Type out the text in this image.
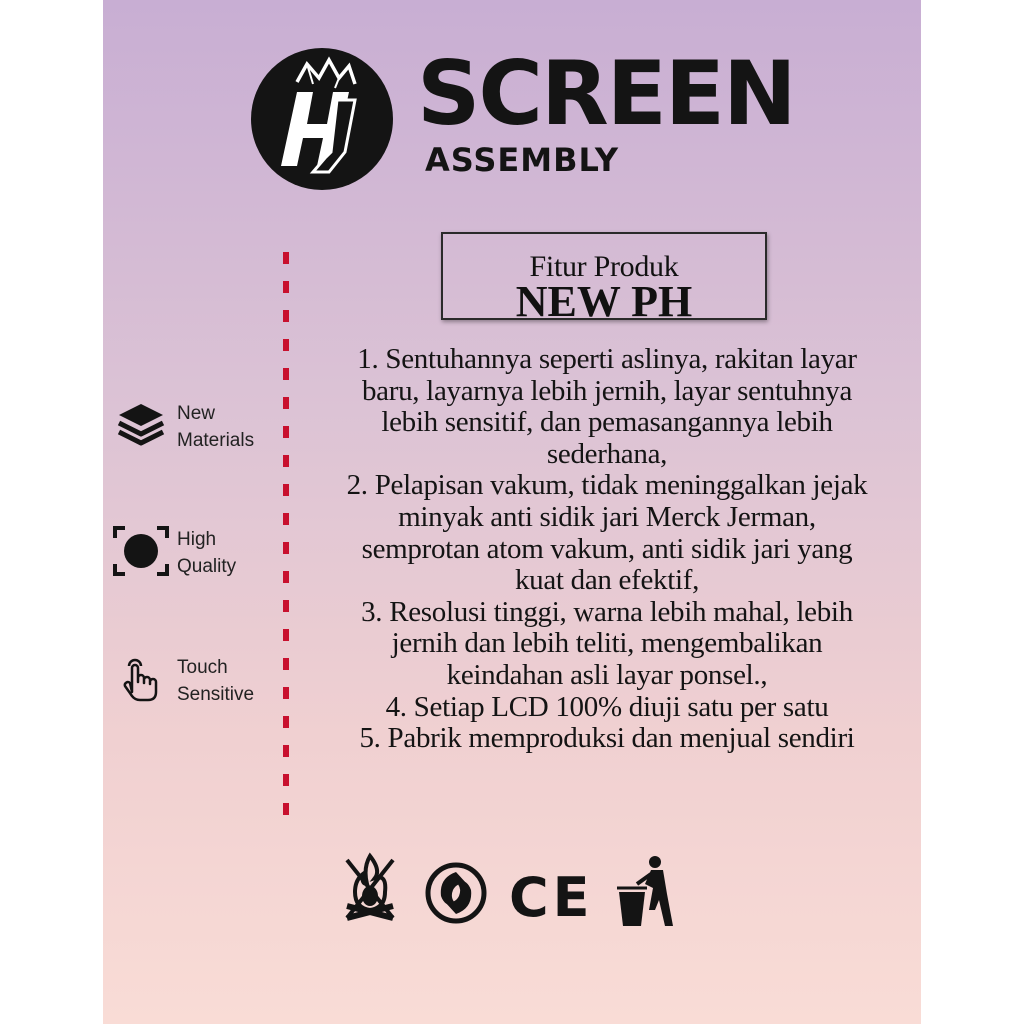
HJ
SCREEN
ASSEMBLY
Fitur Produk
NEW PH
New
Materials
High
Quality
Touch
Sensitive
1. Sentuhannya seperti aslinya, rakitan layar
baru, layarnya lebih jernih, layar sentuhnya
lebih sensitif, dan pemasangannya lebih
sederhana,
2. Pelapisan vakum, tidak meninggalkan jejak
minyak anti sidik jari Merck Jerman,
semprotan atom vakum, anti sidik jari yang
kuat dan efektif,
3. Resolusi tinggi, warna lebih mahal, lebih
jernih dan lebih teliti, mengembalikan
keindahan asli layar ponsel.,
4. Setiap LCD 100% diuji satu per satu
5. Pabrik memproduksi dan menjual sendiri
CE
